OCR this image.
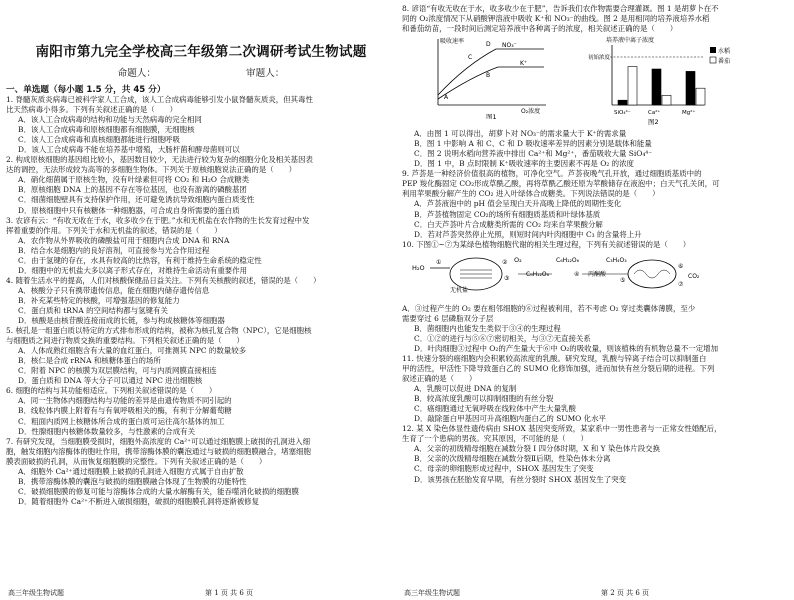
南阳市第九完全学校高三年级第二次调研考试生物试题
命题人：	审题人：
一、单选题（每小题 1.5 分，共 45 分）

1. 脊髓灰质炎病毒已被科学家人工合成，该人工合成病毒能够引发小鼠脊髓灰质炎，但其毒性

比天然病毒小得多。下列有关叙述正确的是（　　）

A．该人工合成病毒的结构和功能与天然病毒的完全相同

B．该人工合成病毒和原核细胞都有细胞膜，无细胞核

C．该人工合成病毒和真核细胞都能进行细胞呼吸

D．该人工合成病毒不能在培养基中增殖，大肠杆菌和酵母菌则可以

2. 构成原核细胞的基因组比较小，基因数目较少，无法进行较为复杂的细胞分化及相关基因表

达的调控，无法形成较为高等的多细胞生物体。下列关于原核细胞说法正确的是（　　）

A．硝化细菌属于原核生物，没有叶绿素但可将 CO₂ 和 H₂O 合成糖类

B．原核细胞 DNA 上的基因不存在等位基因，也没有游离的磷酸基团

C．细菌细胞壁具有支持保护作用，还可避免诱抗导致细胞内蛋白质变性

D．原核细胞中只有核糖体一种细胞器，可合成自身所需要的蛋白质

3. 农谚有云：“有收无收在于水，收多收少在于肥。”水和无机盐在农作物的生长发育过程中发

挥着重要的作用。下列关于水和无机盐的叙述，错误的是（　　）

A．农作物从外界吸收的磷酸盐可用于细胞内合成 DNA 和 RNA

B．结合水是细胞内的良好溶剂，可直接参与光合作用过程

C．由于氢键的存在，水具有较高的比热容，有利于维持生命系统的稳定性

D．细胞中的无机盐大多以离子形式存在，对维持生命活动有重要作用

4. 随着生活水平的提高，人们对核酸保健品日益关注。下列有关核酸的叙述，错误的是（　　）

A．核酸分子只有携带遗传信息，能在细胞内储存遗传信息

B．补充某些特定的核酸，可增强基因的修复能力

C．蛋白质和 tRNA 的空间结构都与氢键有关

D．核酸是由核苷酸连接而成的长链，参与构成核糖体等细胞器

5. 核孔是一组蛋白质以特定的方式排布形成的结构，被称为核孔复合物（NPC），它是细胞核

与细胞质之间进行物质交换的重要结构。下列相关叙述正确的是（　　）

A．人体成熟红细胞含有大量的血红蛋白，可推测其 NPC 的数量较多

B．核仁是合成 rRNA 和核糖体蛋白的场所

C．附着 NPC 的核膜为双层膜结构，可与内质网膜直接相连

D．蛋白质和 DNA 等大分子可以通过 NPC 进出细胞核

6. 细胞的结构与其功能相适应。下列相关叙述错误的是（　　）

A．同一生物体内细胞结构与功能的差异是由遗传物质不同引起的

B．线粒体内膜上附着有与有氧呼吸相关的酶，有利于分解葡萄糖

C．粗面内质网上核糖体所合成的蛋白质可运往高尔基体的加工

D．性腺细胞内核糖体数量较多，与性激素的合成有关

7. 有研究发现，当细胞膜受损时，细胞外高浓度的 Ca²⁺可以通过细胞膜上破损的孔洞进入细

胞，触发细胞内溶酶体的胞吐作用，携带溶酶体膜的囊泡通过与破损的细胞膜融合，堵塞细胞

膜表面破损的孔洞，从而恢复细胞膜的完整性。下列有关叙述正确的是（　　）

A．细胞外 Ca²⁺通过细胞膜上破损的孔洞进入细胞方式属于自由扩散

B．携带溶酶体膜的囊泡与破损的细胞膜融合体现了生物膜的功能特性

C．破损细胞膜的修复可能与溶酶体合成的大量水解酶有关，能吞噬消化破损的细胞膜

D．随着细胞外 Ca²⁺不断进入破损细胞，破损的细胞膜孔洞将逐渐被修复

高三年级生物试题	第 1 页 共 6 页

8. 谚语“有收无收在于水，收多收少在于肥”，告诉我们农作物需要合理灌溉。图 1 是胡萝卜在不

同的 O₂浓度情况下从硝酸钾溶液中吸收 K⁺和 NO₃⁻的曲线。图 2 是用相同的培养液培养水稻

和番茄幼苗，一段时间后测定培养液中各种离子的浓度，相关叙述正确的是（　　）

吸收速率
NO₃⁻
K⁺
A
B
C
D
O₂浓度
图1
培养液中离子浓度
初始浓度
水稻
番茄
SiO₄⁴⁻	Ca²⁺	Mg²⁺
图2

A．由图 1 可以得出，胡萝卜对 NO₃⁻的需求量大于 K⁺的需求量

B．图 1 中影响 A 和 C、C 和 D 吸收速率差异的因素分别是载体和能量

C．图 2 说明水稻向营养液中排出 Ca²⁺和 Mg²⁺，番茄吸收大量 SiO₄⁴⁻

D．图 1 中，B 点时限制 K⁺吸收速率的主要因素不再是 O₂ 的浓度

9. 芦荟是一种经济价值很高的植物，可净化空气。芦荟夜晚气孔开放，通过细胞质基质中的

PEP 羧化酶固定 CO₂形成草酰乙酸，再将草酰乙酸还原为苹酸储存在液泡中；白天气孔关闭，可

利用苹果酸分解产生的 CO₂ 进入叶绿体合成糖类。下列说法错误的是（　　）

A．芦荟液泡中的 pH 值会呈现白天升高晚上降低的周期性变化

B．芦荟植物固定 CO₂的场所有细胞质基质和叶绿体基质

C．白天芦荟叶片合成糖类所需的 CO₂ 均来自苹果酸分解

D．若对芦荟突然停止光照，则短时间内叶肉细胞中 C₃ 的含量将上升

10. 下图①~⑦为某绿色植物细胞代谢的相关生理过程，下列有关叙述错误的是（　　）

H₂O
无机盐
①	② O₂
③
C₆H₁₂O₆
C₆H₁₂O₆
④ 丙酮酸
C₃H₄O₃
⑤
⑥
⑦
CO₂

A．③过程产生的 O₂ 要在相邻细胞的⑥过程被利用，若不考虑 O₂ 穿过类囊体薄膜，至少

需要穿过 6 层磷脂双分子层

B．菌细胞内也能发生类似于③④的生理过程

C．①②的进行与⑤⑥⑦密切相关，与③⑦无直接关系

D．叶肉细胞③过程中 O₂的产生量大于⑥中 O₂的吸收量，则该植株的有机物总量不一定增加

11. 快速分裂的癌细胞内会积累较高浓度的乳酸。研究发现，乳酸与锌离子结合可以抑制蛋白

甲的活性，甲活性下降导致蛋白乙的 SUMO 化修饰加强，进而加快有丝分裂后期的进程。下列

叙述正确的是（　　）

A．乳酸可以促进 DNA 的复制

B．较高浓度乳酸可以抑制细胞的有丝分裂

C．癌细胞通过无氧呼吸在线粒体中产生大量乳酸

D．敲除蛋白甲基因可升高细胞内蛋白乙的 SUMO 化水平

12. 某 X 染色体显性遗传病由 SHOX 基因突变所致，某家系中一男性患者与一正常女性婚配后，

生育了一个患病的男孩。究其原因，不可能的是（　　）

A．父亲的初级精母细胞在减数分裂 Ⅰ 四分体时期，X 和 Y 染色体片段交换

B．父亲的次级精母细胞在减数分裂Ⅱ后期，性染色体未分离

C．母亲的卵细胞形成过程中，SHOX 基因发生了突变

D．该男孩在胚胎发育早期，有丝分裂时 SHOX 基因发生了突变

高三年级生物试题	第 2 页 共 6 页
